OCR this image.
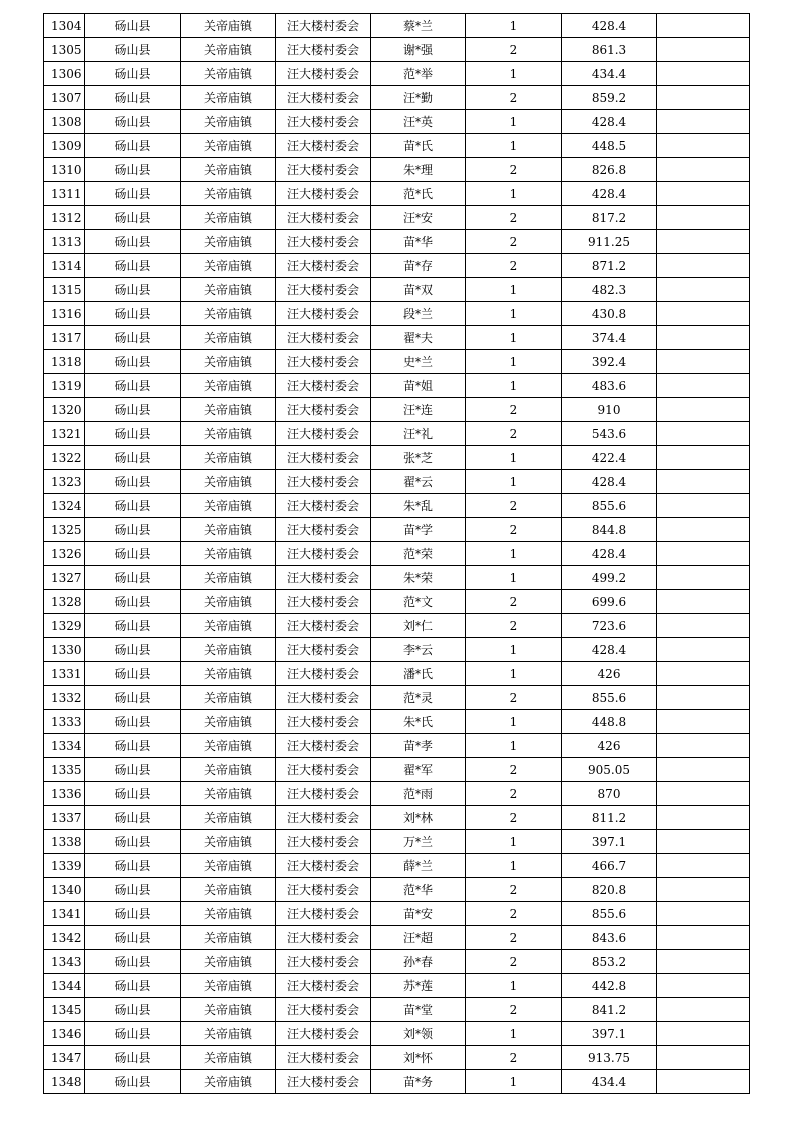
1304	砀山县	关帝庙镇	汪大楼村委会	蔡*兰	1	428.4	
1305	砀山县	关帝庙镇	汪大楼村委会	谢*强	2	861.3	
1306	砀山县	关帝庙镇	汪大楼村委会	范*举	1	434.4	
1307	砀山县	关帝庙镇	汪大楼村委会	汪*勤	2	859.2	
1308	砀山县	关帝庙镇	汪大楼村委会	汪*英	1	428.4	
1309	砀山县	关帝庙镇	汪大楼村委会	苗*氏	1	448.5	
1310	砀山县	关帝庙镇	汪大楼村委会	朱*理	2	826.8	
1311	砀山县	关帝庙镇	汪大楼村委会	范*氏	1	428.4	
1312	砀山县	关帝庙镇	汪大楼村委会	汪*安	2	817.2	
1313	砀山县	关帝庙镇	汪大楼村委会	苗*华	2	911.25	
1314	砀山县	关帝庙镇	汪大楼村委会	苗*存	2	871.2	
1315	砀山县	关帝庙镇	汪大楼村委会	苗*双	1	482.3	
1316	砀山县	关帝庙镇	汪大楼村委会	段*兰	1	430.8	
1317	砀山县	关帝庙镇	汪大楼村委会	翟*夫	1	374.4	
1318	砀山县	关帝庙镇	汪大楼村委会	史*兰	1	392.4	
1319	砀山县	关帝庙镇	汪大楼村委会	苗*姐	1	483.6	
1320	砀山县	关帝庙镇	汪大楼村委会	汪*连	2	910	
1321	砀山县	关帝庙镇	汪大楼村委会	汪*礼	2	543.6	
1322	砀山县	关帝庙镇	汪大楼村委会	张*芝	1	422.4	
1323	砀山县	关帝庙镇	汪大楼村委会	翟*云	1	428.4	
1324	砀山县	关帝庙镇	汪大楼村委会	朱*乱	2	855.6	
1325	砀山县	关帝庙镇	汪大楼村委会	苗*学	2	844.8	
1326	砀山县	关帝庙镇	汪大楼村委会	范*荣	1	428.4	
1327	砀山县	关帝庙镇	汪大楼村委会	朱*荣	1	499.2	
1328	砀山县	关帝庙镇	汪大楼村委会	范*文	2	699.6	
1329	砀山县	关帝庙镇	汪大楼村委会	刘*仁	2	723.6	
1330	砀山县	关帝庙镇	汪大楼村委会	李*云	1	428.4	
1331	砀山县	关帝庙镇	汪大楼村委会	潘*氏	1	426	
1332	砀山县	关帝庙镇	汪大楼村委会	范*灵	2	855.6	
1333	砀山县	关帝庙镇	汪大楼村委会	朱*氏	1	448.8	
1334	砀山县	关帝庙镇	汪大楼村委会	苗*孝	1	426	
1335	砀山县	关帝庙镇	汪大楼村委会	翟*军	2	905.05	
1336	砀山县	关帝庙镇	汪大楼村委会	范*雨	2	870	
1337	砀山县	关帝庙镇	汪大楼村委会	刘*林	2	811.2	
1338	砀山县	关帝庙镇	汪大楼村委会	万*兰	1	397.1	
1339	砀山县	关帝庙镇	汪大楼村委会	薛*兰	1	466.7	
1340	砀山县	关帝庙镇	汪大楼村委会	范*华	2	820.8	
1341	砀山县	关帝庙镇	汪大楼村委会	苗*安	2	855.6	
1342	砀山县	关帝庙镇	汪大楼村委会	汪*超	2	843.6	
1343	砀山县	关帝庙镇	汪大楼村委会	孙*春	2	853.2	
1344	砀山县	关帝庙镇	汪大楼村委会	苏*莲	1	442.8	
1345	砀山县	关帝庙镇	汪大楼村委会	苗*堂	2	841.2	
1346	砀山县	关帝庙镇	汪大楼村委会	刘*领	1	397.1	
1347	砀山县	关帝庙镇	汪大楼村委会	刘*怀	2	913.75	
1348	砀山县	关帝庙镇	汪大楼村委会	苗*务	1	434.4	
